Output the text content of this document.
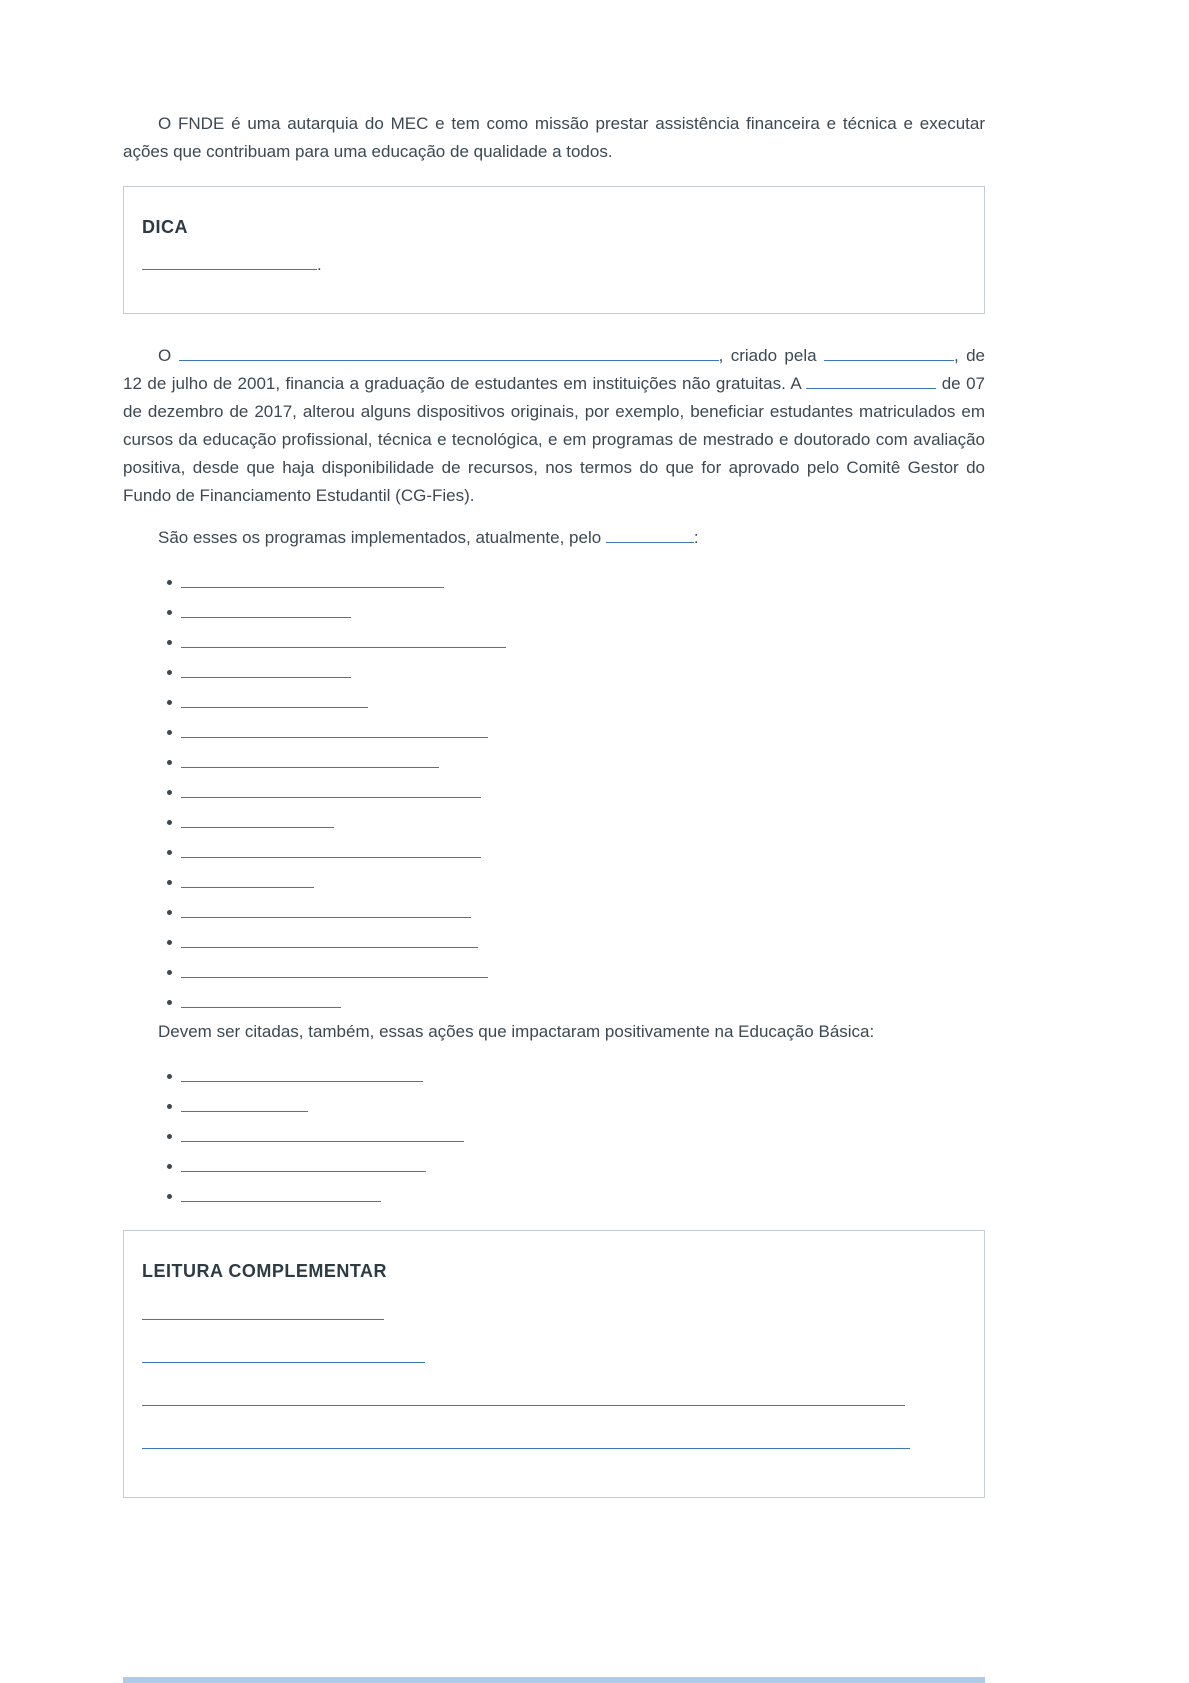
O FNDE é uma autarquia do MEC e tem como missão prestar assistência financeira e técnica e executar ações que contribuam para uma educação de qualidade a todos.

DICA

.

O	, criado pela	, de 12 de julho de 2001, financia a graduação de estudantes em instituições não gratuitas. A	de 07 de dezembro de 2017, alterou alguns dispositivos originais, por exemplo, beneficiar estudantes matriculados em cursos da educação profissional, técnica e tecnológica, e em programas de mestrado e doutorado com avaliação positiva, desde que haja disponibilidade de recursos, nos termos do que for aprovado pelo Comitê Gestor do Fundo de Financiamento Estudantil (CG-Fies).

São esses os programas implementados, atualmente, pelo	:

Devem ser citadas, também, essas ações que impactaram positivamente na Educação Básica:

LEITURA COMPLEMENTAR
